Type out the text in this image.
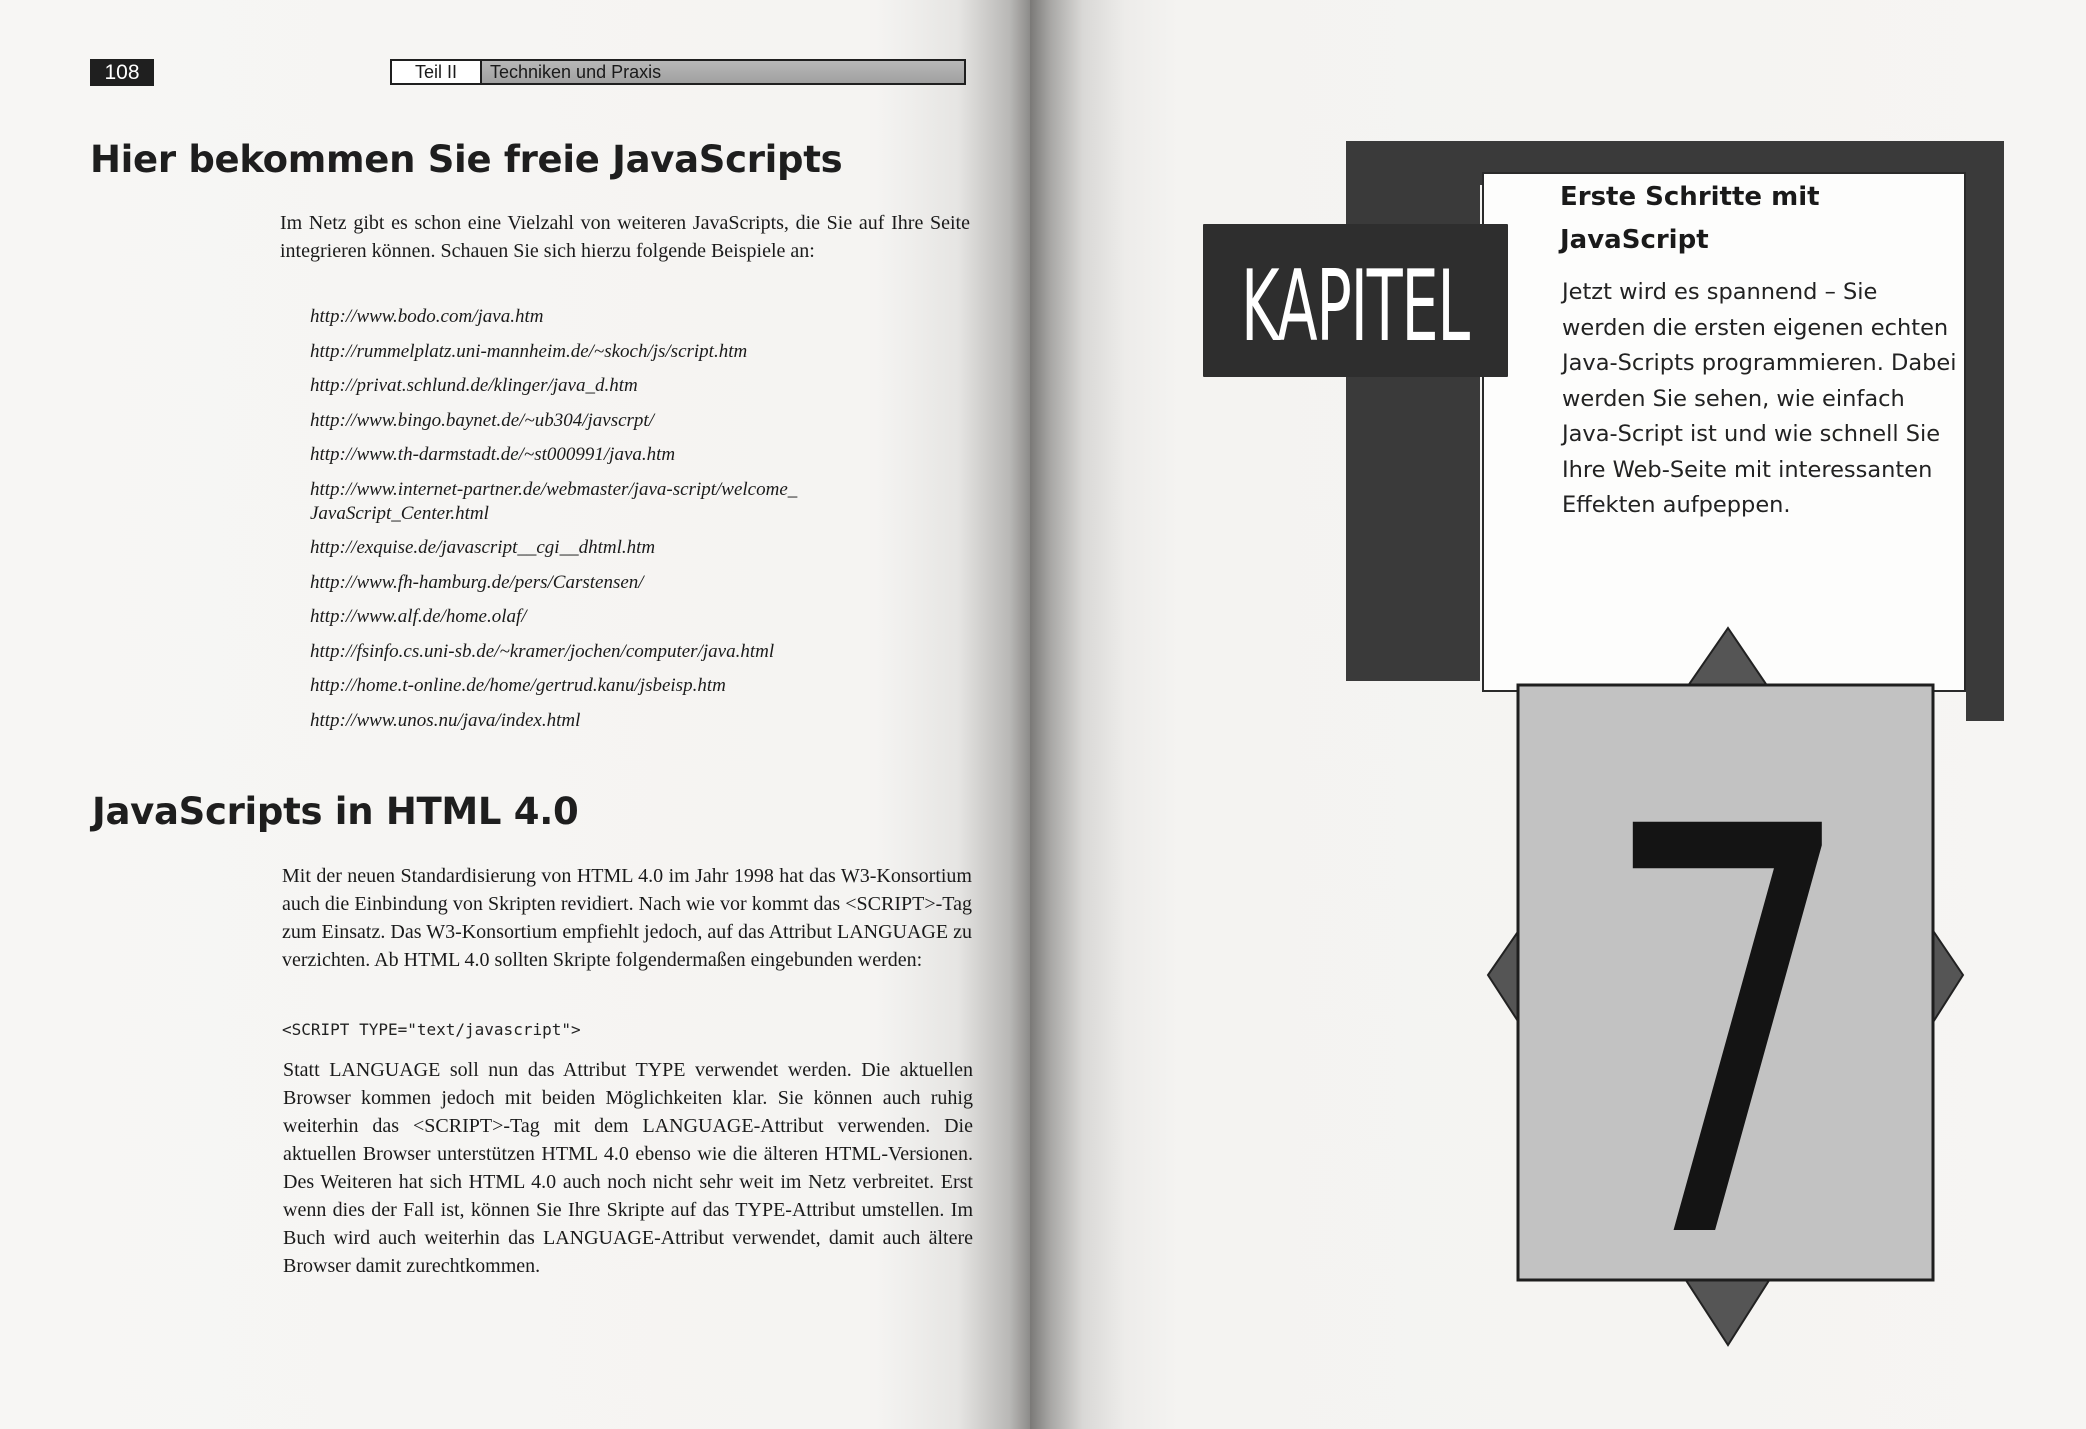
108	Teil II	Techniken und Praxis
Hier bekommen Sie freie JavaScripts

Im Netz gibt es schon eine Vielzahl von weiteren JavaScripts, die Sie auf Ihre Seite integrieren können. Schauen Sie sich hierzu folgende Beispiele an:

http://www.bodo.com/java.htm
http://rummelplatz.uni-mannheim.de/~skoch/js/script.htm
http://privat.schlund.de/klinger/java_d.htm
http://www.bingo.baynet.de/~ub304/javscrpt/
http://www.th-darmstadt.de/~st000991/java.htm
http://www.internet-partner.de/webmaster/java-script/welcome_ JavaScript_Center.html
http://exquise.de/javascript__cgi__dhtml.htm
http://www.fh-hamburg.de/pers/Carstensen/
http://www.alf.de/home.olaf/
http://fsinfo.cs.uni-sb.de/~kramer/jochen/computer/java.html
http://home.t-online.de/home/gertrud.kanu/jsbeisp.htm
http://www.unos.nu/java/index.html
JavaScripts in HTML 4.0

Mit der neuen Standardisierung von HTML 4.0 im Jahr 1998 hat das W3-Konsortium auch die Einbindung von Skripten revidiert. Nach wie vor kommt das <SCRIPT>-Tag zum Einsatz. Das W3-Konsortium empfiehlt jedoch, auf das Attribut LANGUAGE zu verzichten. Ab HTML 4.0 sollten Skripte folgendermaßen eingebunden werden:

<SCRIPT TYPE="text/javascript">

Statt LANGUAGE soll nun das Attribut TYPE verwendet werden. Die aktuellen Browser kommen jedoch mit beiden Möglichkeiten klar. Sie können auch ruhig weiterhin das <SCRIPT>-Tag mit dem LANGUAGE-Attribut verwenden. Die aktuellen Browser unterstützen HTML 4.0 ebenso wie die älteren HTML-Versionen. Des Weiteren hat sich HTML 4.0 auch noch nicht sehr weit im Netz verbreitet. Erst wenn dies der Fall ist, können Sie Ihre Skripte auf das TYPE-Attribut umstellen. Im Buch wird auch weiterhin das LANGUAGE-Attribut verwendet, damit auch ältere Browser damit zurechtkommen.

Erste Schritte mit JavaScript

Jetzt wird es spannend – Sie werden die ersten eigenen echten Java-Scripts programmieren. Dabei werden Sie sehen, wie einfach Java-Script ist und wie schnell Sie Ihre Web-Seite mit interessanten Effekten aufpeppen.

7
KAPITEL
